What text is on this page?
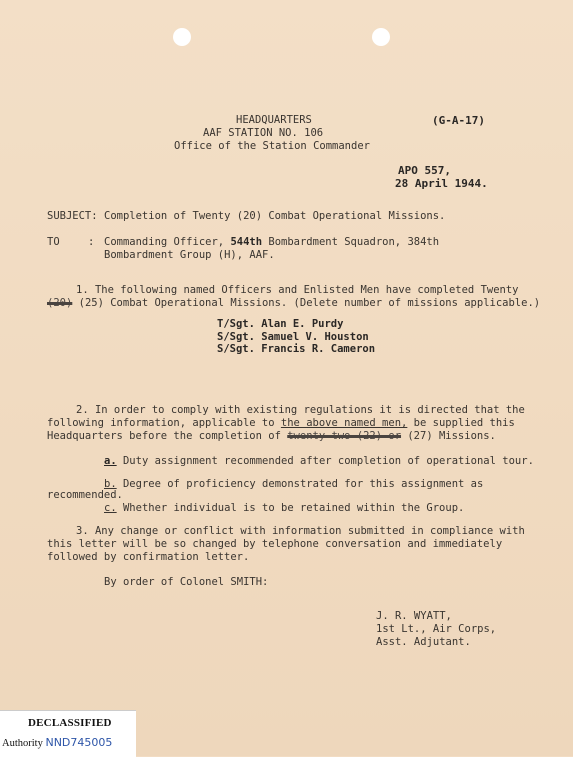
HEADQUARTERS
AAF STATION NO. 106
Office of the Station Commander
(G-A-17)
APO 557,
28 April 1944.
SUBJECT: Completion of Twenty (20) Combat Operational Missions.
TO	: Commanding Officer, 544th Bombardment Squadron, 384th
Bombardment Group (H), AAF.
1. The following named Officers and Enlisted Men have completed Twenty
(20) (25) Combat Operational Missions. (Delete number of missions applicable.)
T/Sgt. Alan E. Purdy
S/Sgt. Samuel V. Houston
S/Sgt. Francis R. Cameron
2. In order to comply with existing regulations it is directed that the
following information, applicable to the above named men, be supplied this
Headquarters before the completion of twenty-two (22) or (27) Missions.
a. Duty assignment recommended after completion of operational tour.
b. Degree of proficiency demonstrated for this assignment as
recommended.
c. Whether individual is to be retained within the Group.
3. Any change or conflict with information submitted in compliance with
this letter will be so changed by telephone conversation and immediately
followed by confirmation letter.
By order of Colonel SMITH:
J. R. WYATT,
1st Lt., Air Corps,
Asst. Adjutant.
DECLASSIFIED
Authority NND745005
